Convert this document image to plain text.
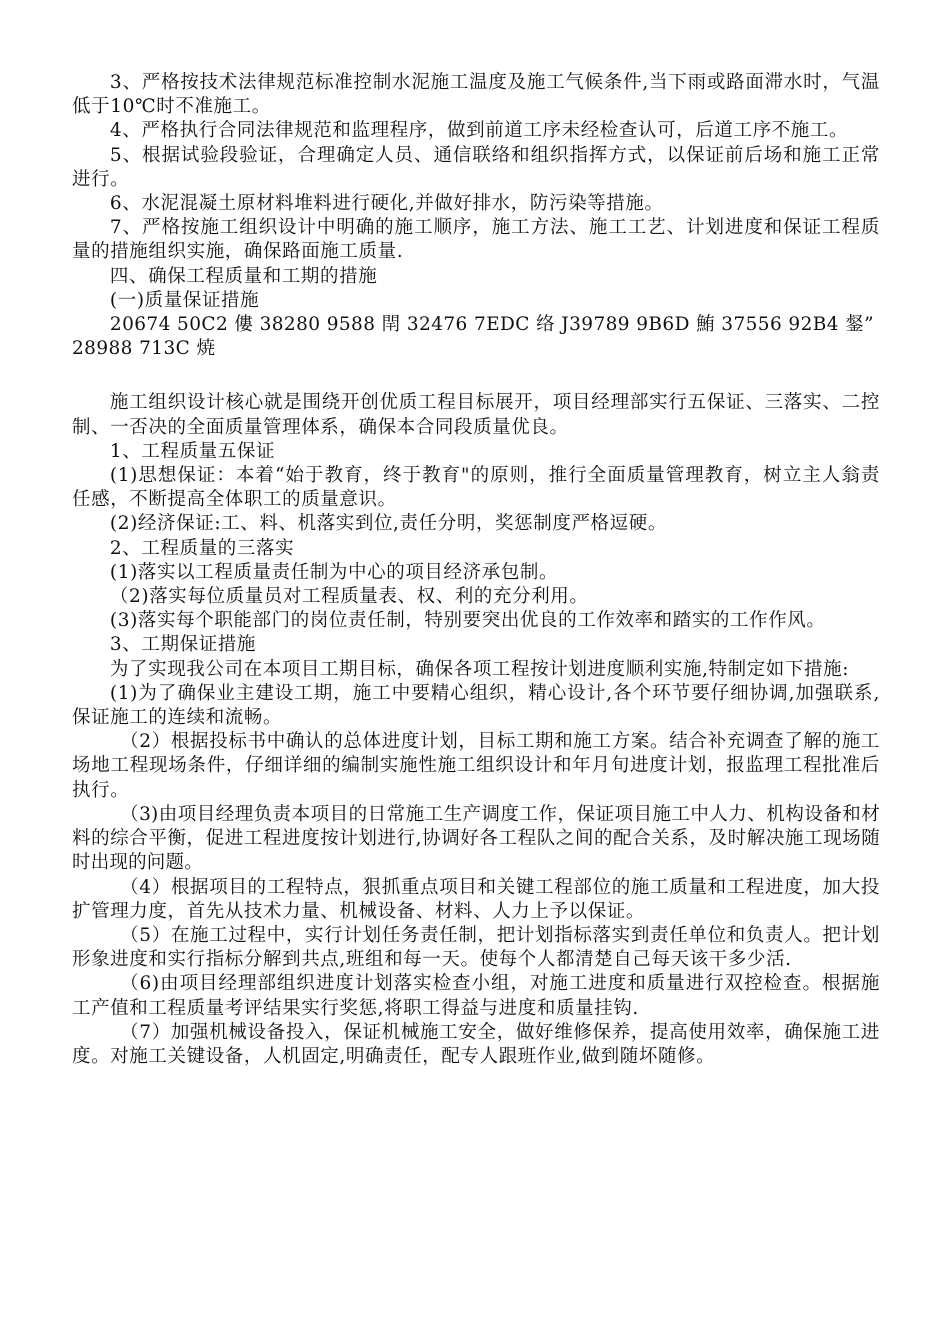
3、严格按技术法律规范标准控制水泥施工温度及施工气候条件,当下雨或路面滞水时，气温低于10℃时不准施工。

4、严格执行合同法律规范和监理程序，做到前道工序未经检查认可，后道工序不施工。

5、根据试验段验证，合理确定人员、通信联络和组织指挥方式，以保证前后场和施工正常进行。

6、水泥混凝土原材料堆料进行硬化,并做好排水，防污染等措施。

7、严格按施工组织设计中明确的施工顺序，施工方法、施工工艺、计划进度和保证工程质量的措施组织实施，确保路面施工质量.

四、确保工程质量和工期的措施

(一)质量保证措施

20674 50C2 僂 38280 9588 閈 32476 7EDC 络 J39789 9B6D 鮪 37556 92B4 錖” 28988 713C 焼

施工组织设计核心就是围绕开创优质工程目标展开，项目经理部实行五保证、三落实、二控制、一否决的全面质量管理体系，确保本合同段质量优良。

1、工程质量五保证

(1)思想保证：本着“始于教育，终于教育"的原则，推行全面质量管理教育，树立主人翁责任感，不断提高全体职工的质量意识。

(2)经济保证:工、料、机落实到位,责任分明，奖惩制度严格逗硬。

2、工程质量的三落实

(1)落实以工程质量责任制为中心的项目经济承包制。

（2)落实每位质量员对工程质量表、权、利的充分利用。

(3)落实每个职能部门的岗位责任制，特别要突出优良的工作效率和踏实的工作作风。

3、工期保证措施

为了实现我公司在本项目工期目标，确保各项工程按计划进度顺利实施,特制定如下措施:

(1)为了确保业主建设工期，施工中要精心组织，精心设计,各个环节要仔细协调,加强联系,保证施工的连续和流畅。

（2）根据投标书中确认的总体进度计划，目标工期和施工方案。结合补充调查了解的施工场地工程现场条件，仔细详细的编制实施性施工组织设计和年月旬进度计划，报监理工程批准后执行。

（3)由项目经理负责本项目的日常施工生产调度工作，保证项目施工中人力、机构设备和材料的综合平衡，促进工程进度按计划进行,协调好各工程队之间的配合关系，及时解决施工现场随时出现的问题。

（4）根据项目的工程特点，狠抓重点项目和关键工程部位的施工质量和工程进度，加大投扩管理力度，首先从技术力量、机械设备、材料、人力上予以保证。

（5）在施工过程中，实行计划任务责任制，把计划指标落实到责任单位和负责人。把计划形象进度和实行指标分解到共点,班组和每一天。使每个人都清楚自己每天该干多少活.

（6)由项目经理部组织进度计划落实检查小组，对施工进度和质量进行双控检查。根据施工产值和工程质量考评结果实行奖惩,将职工得益与进度和质量挂钩.

（7）加强机械设备投入，保证机械施工安全，做好维修保养，提高使用效率，确保施工进度。对施工关键设备，人机固定,明确责任，配专人跟班作业,做到随坏随修。
